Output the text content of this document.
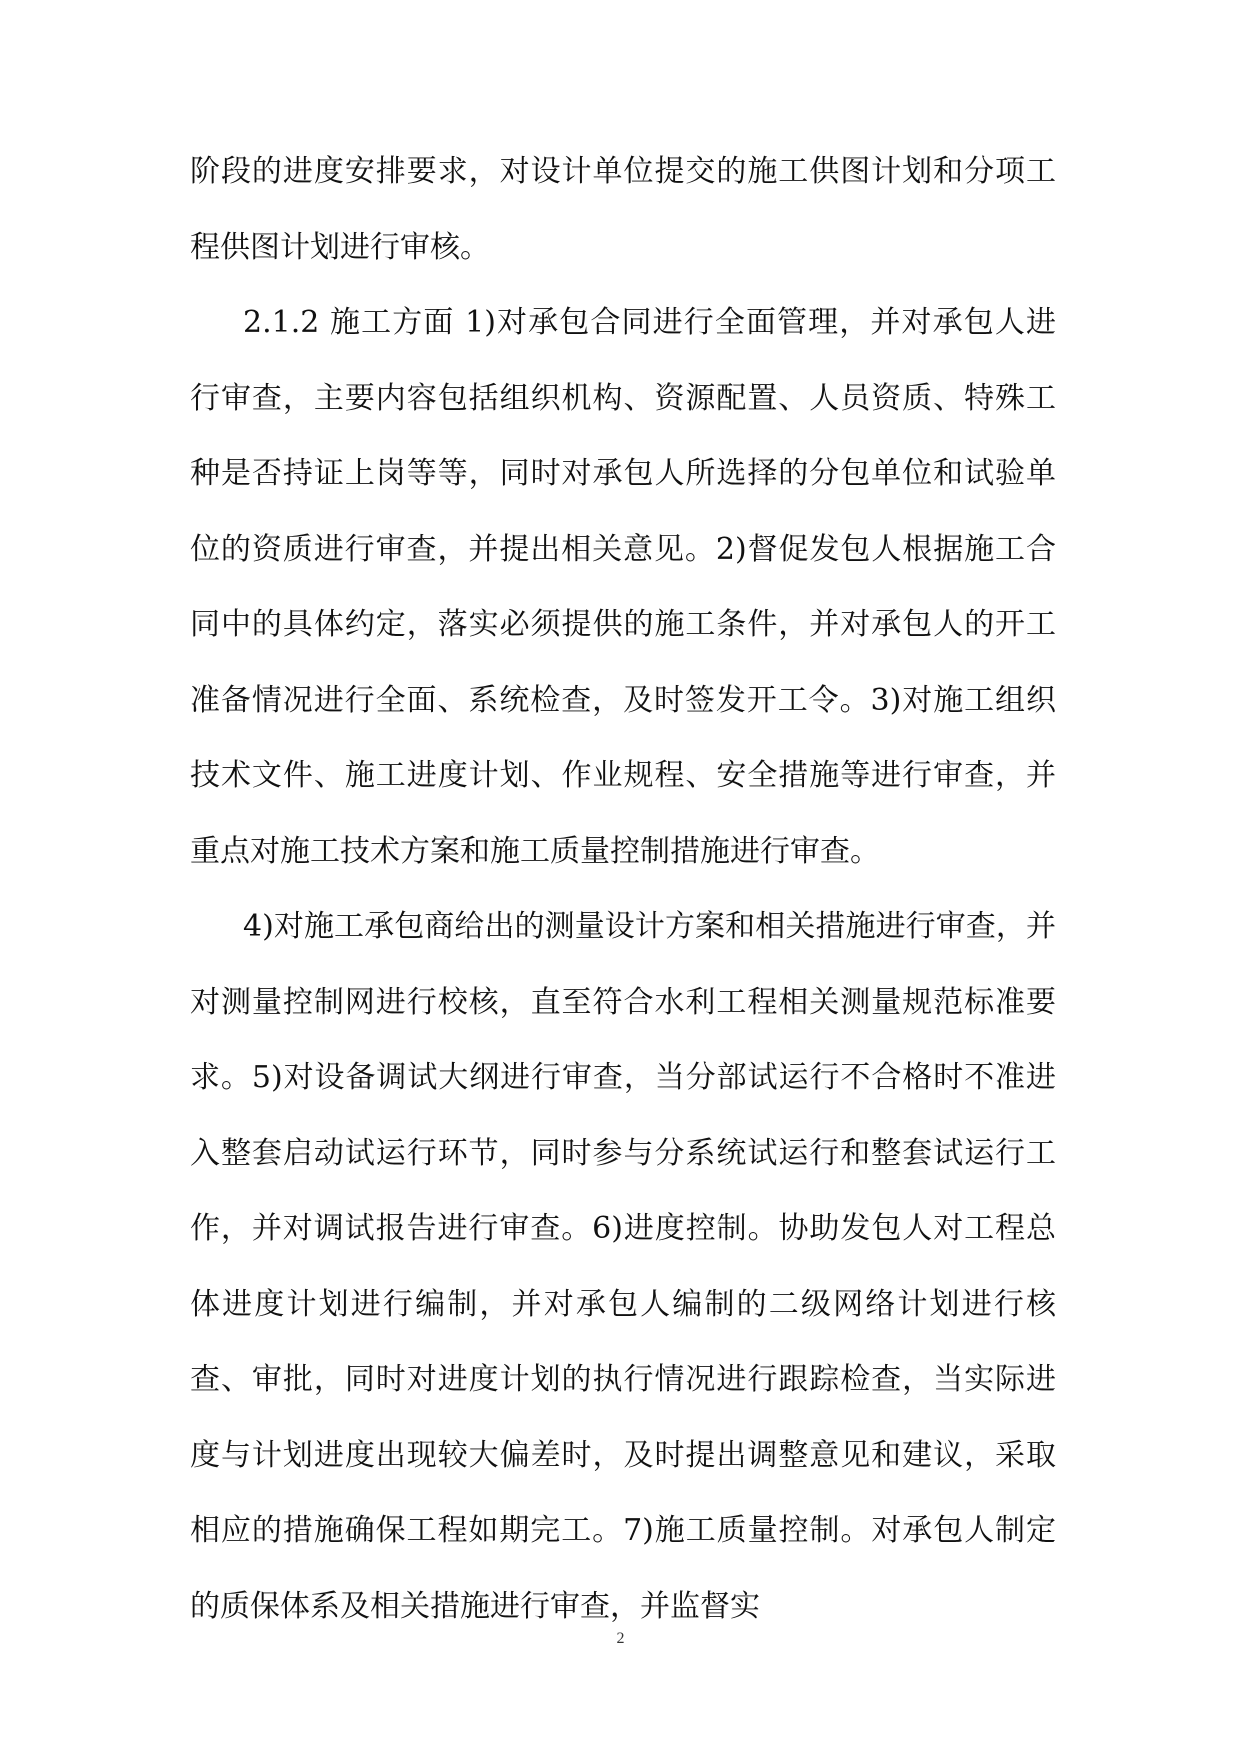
阶段的进度安排要求，对设计单位提交的施工供图计划和分项工程供图计划进行审核。
2.1.2 施工方面 1)对承包合同进行全面管理，并对承包人进行审查，主要内容包括组织机构、资源配置、人员资质、特殊工种是否持证上岗等等，同时对承包人所选择的分包单位和试验单位的资质进行审查，并提出相关意见。2)督促发包人根据施工合同中的具体约定，落实必须提供的施工条件，并对承包人的开工准备情况进行全面、系统检查，及时签发开工令。3)对施工组织技术文件、施工进度计划、作业规程、安全措施等进行审查，并重点对施工技术方案和施工质量控制措施进行审查。
4)对施工承包商给出的测量设计方案和相关措施进行审查，并对测量控制网进行校核，直至符合水利工程相关测量规范标准要求。5)对设备调试大纲进行审查，当分部试运行不合格时不准进入整套启动试运行环节，同时参与分系统试运行和整套试运行工作，并对调试报告进行审查。6)进度控制。协助发包人对工程总体进度计划进行编制，并对承包人编制的二级网络计划进行核查、审批，同时对进度计划的执行情况进行跟踪检查，当实际进度与计划进度出现较大偏差时，及时提出调整意见和建议，采取相应的措施确保工程如期完工。7)施工质量控制。对承包人制定的质保体系及相关措施进行审查，并监督实
2
